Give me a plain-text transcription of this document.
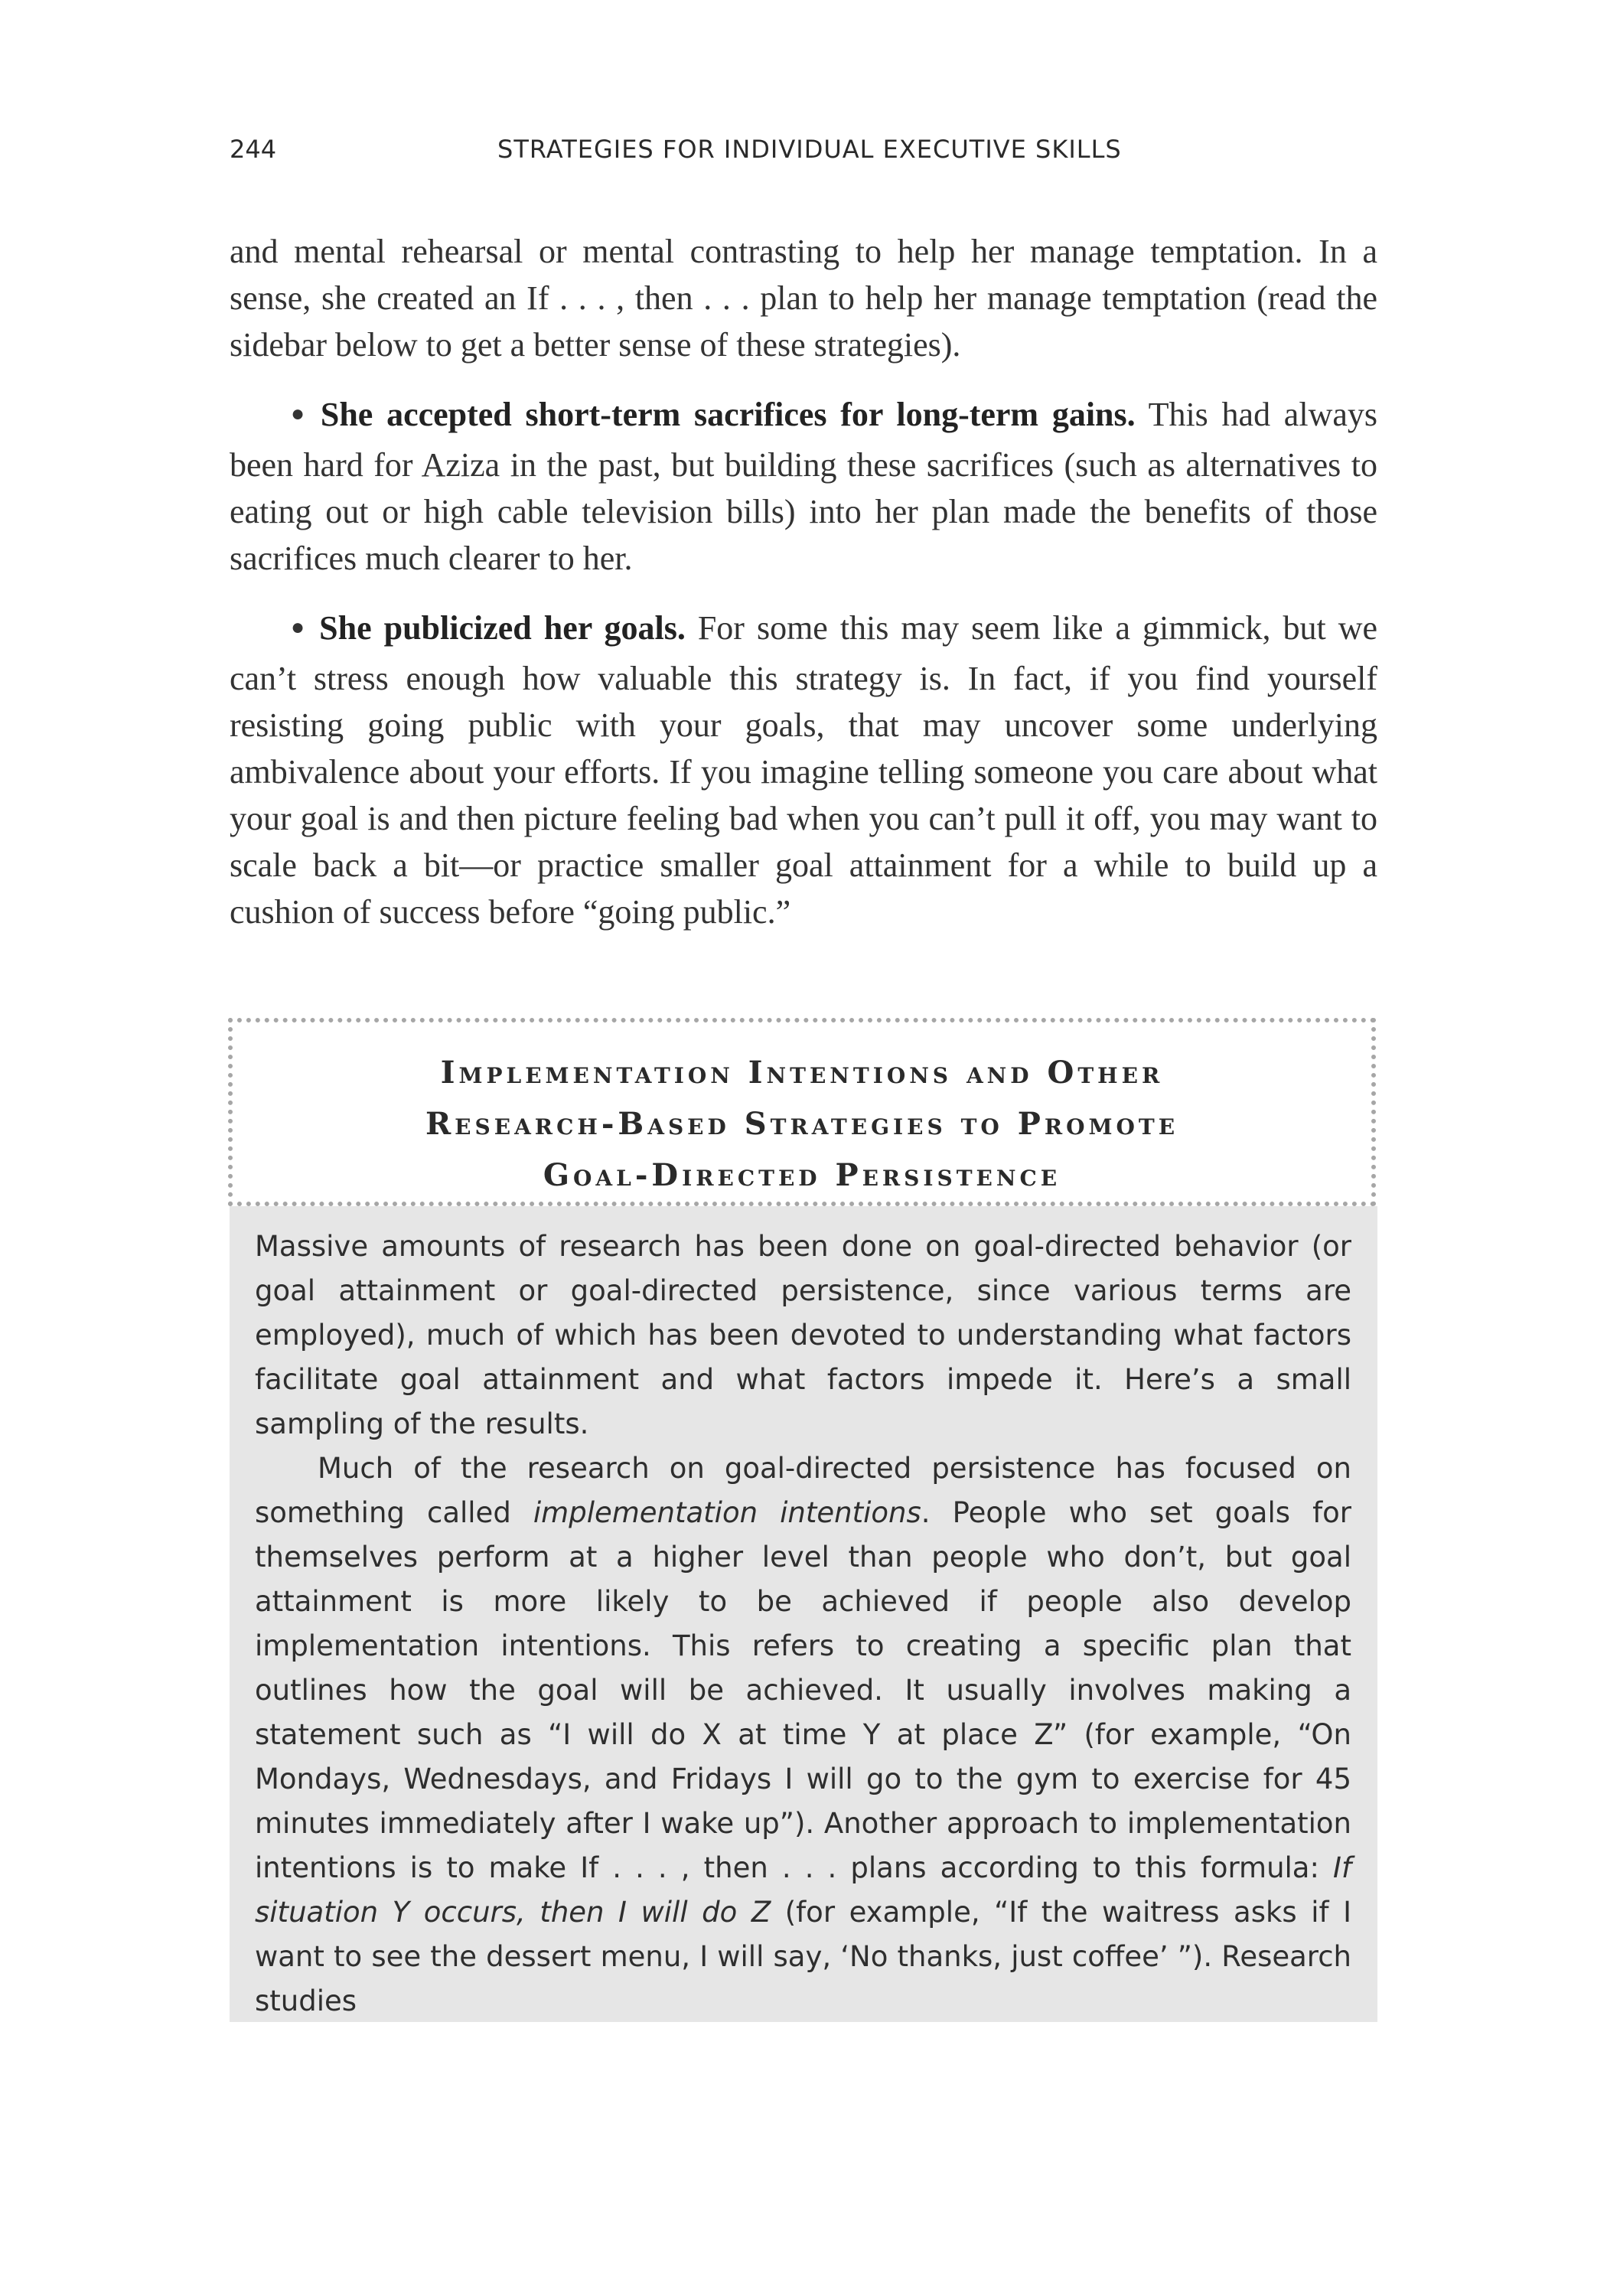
244	STRATEGIES FOR INDIVIDUAL EXECUTIVE SKILLS

and mental rehearsal or mental contrasting to help her manage temptation. In a sense, she created an If . . . , then . . . plan to help her manage temptation (read the sidebar below to get a better sense of these strategies).

● She accepted short-term sacrifices for long-term gains. This had always been hard for Aziza in the past, but building these sacrifices (such as alternatives to eating out or high cable television bills) into her plan made the benefits of those sacrifices much clearer to her.

● She publicized her goals. For some this may seem like a gimmick, but we can’t stress enough how valuable this strategy is. In fact, if you find yourself resisting going public with your goals, that may uncover some underlying ambivalence about your efforts. If you imagine telling someone you care about what your goal is and then picture feeling bad when you can’t pull it off, you may want to scale back a bit—or practice smaller goal attainment for a while to build up a cushion of success before “going public.”

Implementation Intentions and Other
Research-Based Strategies to Promote
Goal-Directed Persistence

Massive amounts of research has been done on goal-directed behavior (or goal attainment or goal-directed persistence, since various terms are employed), much of which has been devoted to understanding what factors facilitate goal attainment and what factors impede it. Here’s a small sampling of the results.

Much of the research on goal-directed persistence has focused on something called implementation intentions. People who set goals for themselves perform at a higher level than people who don’t, but goal attainment is more likely to be achieved if people also develop implementation intentions. This refers to creating a specific plan that outlines how the goal will be achieved. It usually involves making a statement such as “I will do X at time Y at place Z” (for example, “On Mondays, Wednesdays, and Fridays I will go to the gym to exercise for 45 minutes immediately after I wake up”). Another approach to implementation intentions is to make If . . . , then . . . plans according to this formula: If situation Y occurs, then I will do Z (for example, “If the waitress asks if I want to see the dessert menu, I will say, ‘No thanks, just coffee’ ”). Research studies
